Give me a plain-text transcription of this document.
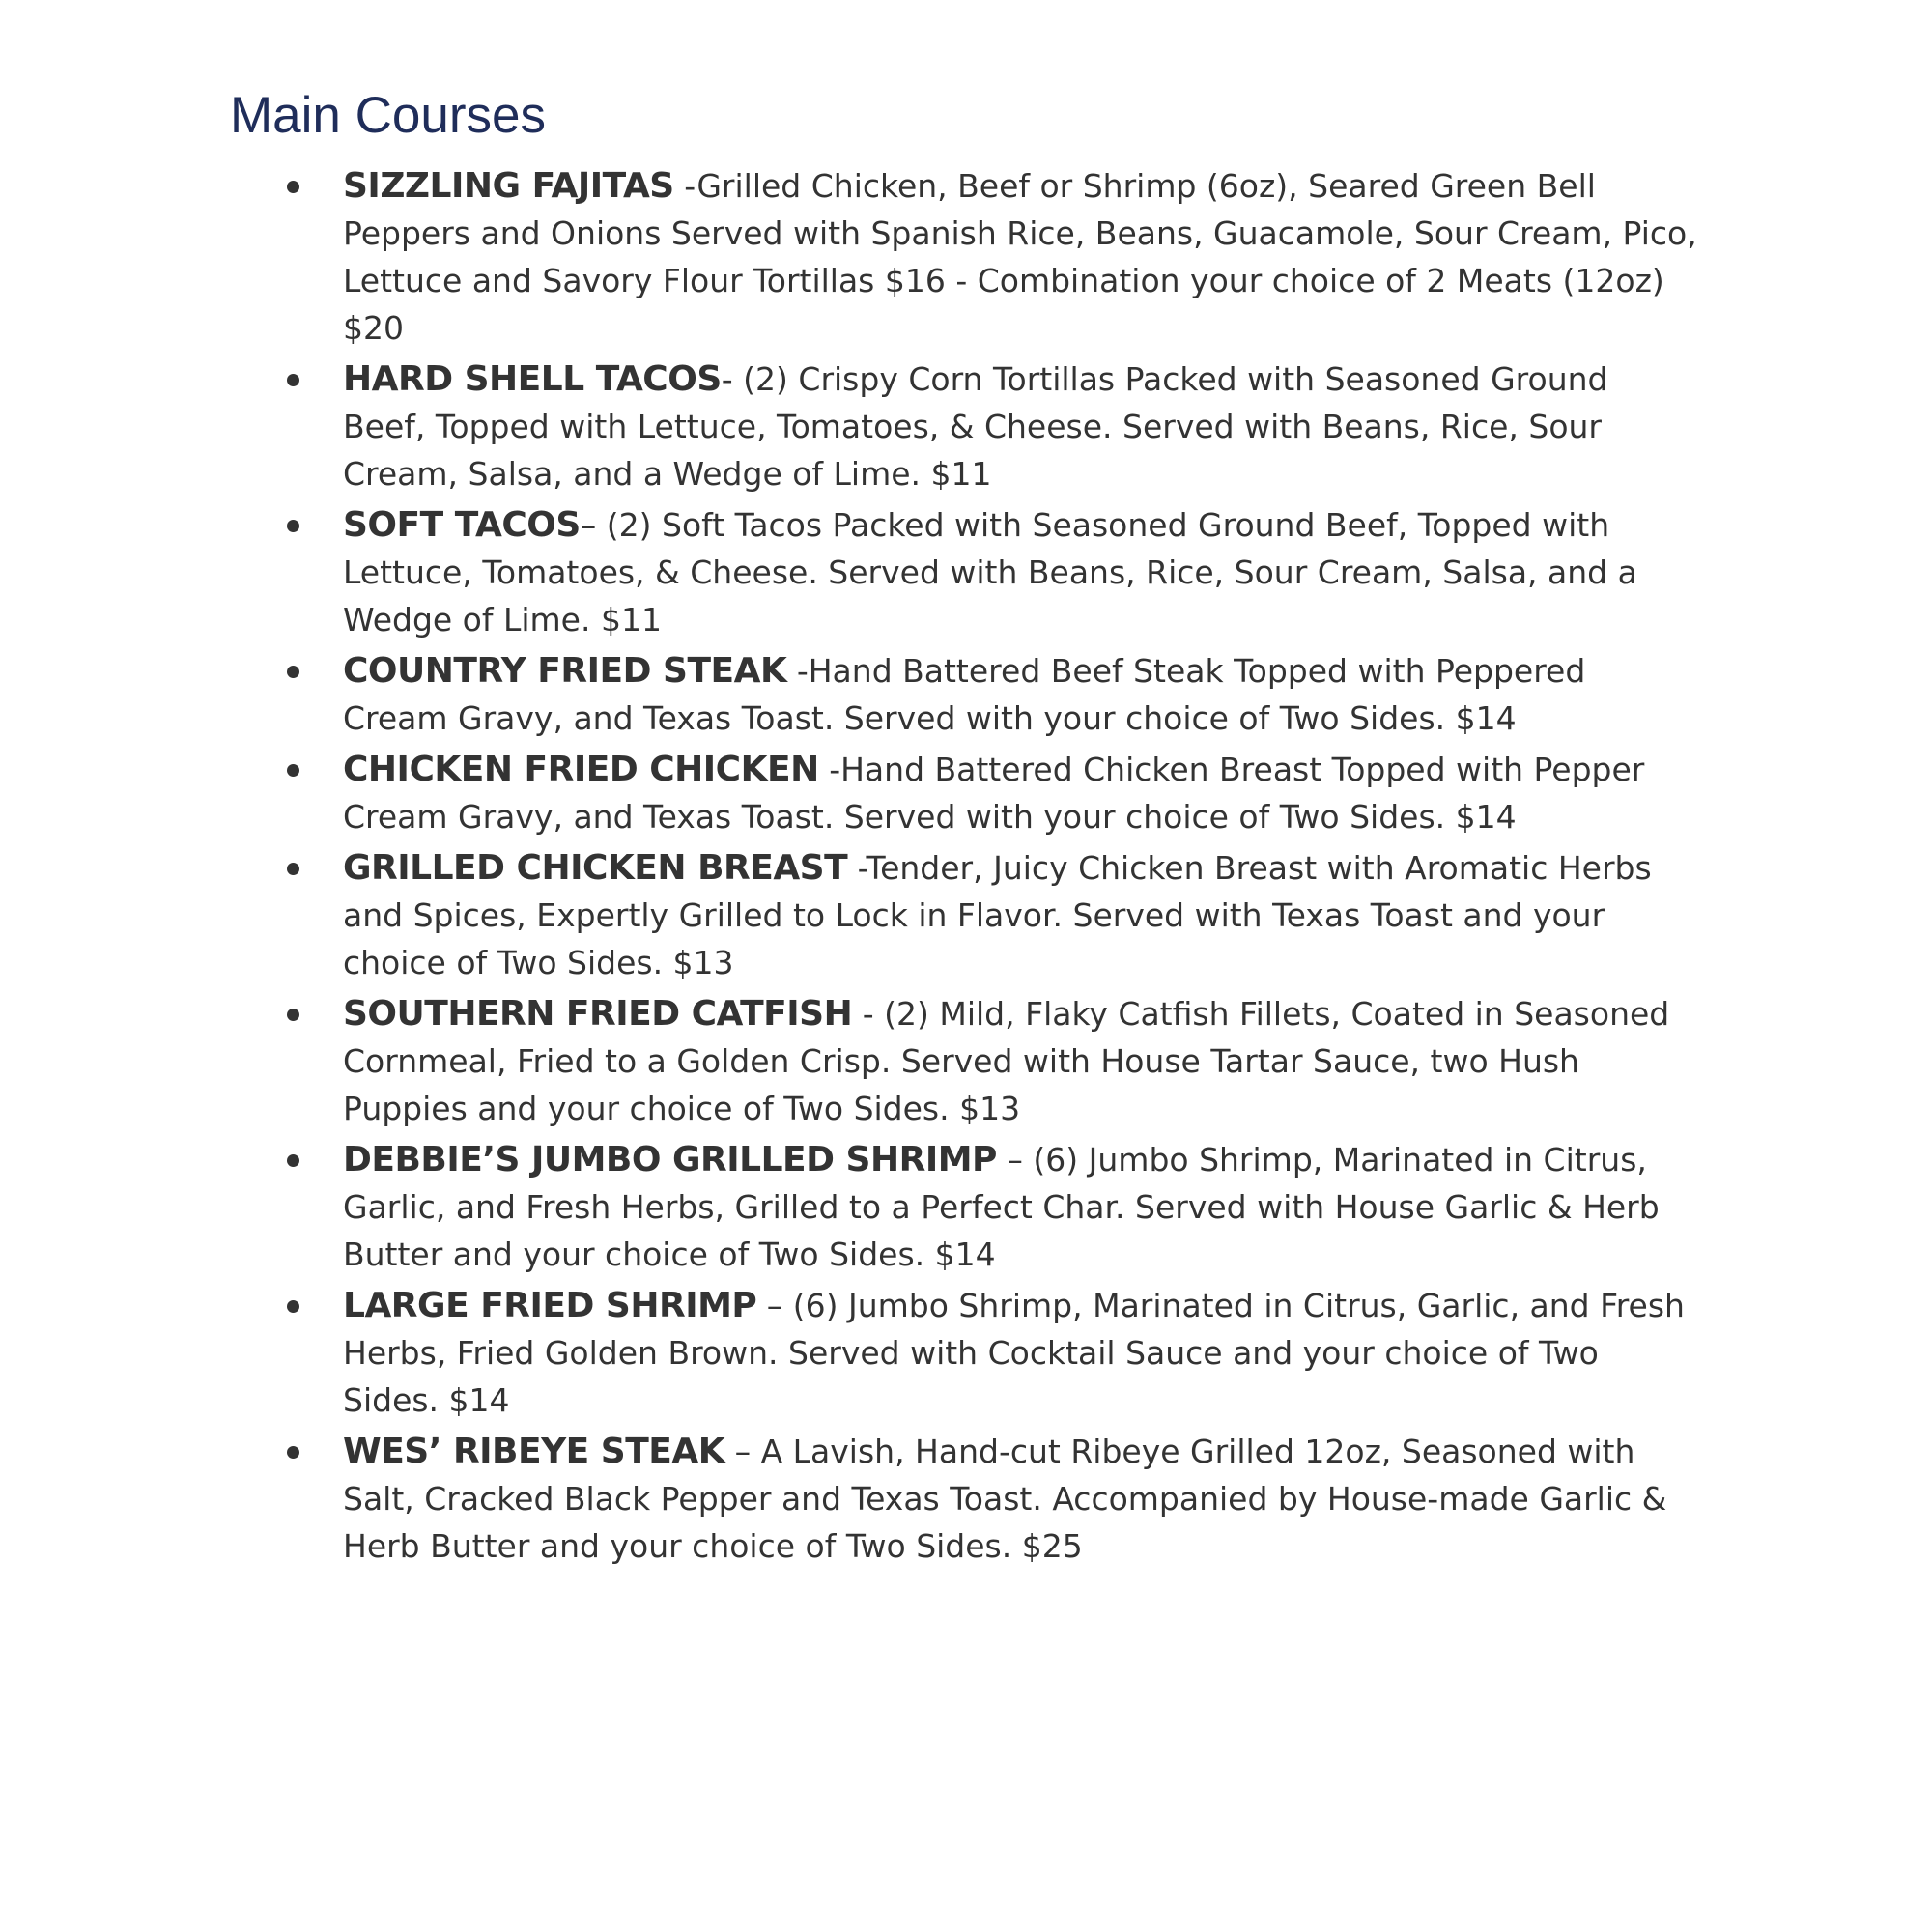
Main Courses
SIZZLING FAJITAS -Grilled Chicken, Beef or Shrimp (6oz), Seared Green Bell Peppers and Onions Served with Spanish Rice, Beans, Guacamole, Sour Cream, Pico, Lettuce and Savory Flour Tortillas $16 - Combination your choice of 2 Meats (12oz) $20
HARD SHELL TACOS- (2) Crispy Corn Tortillas Packed with Seasoned Ground Beef, Topped with Lettuce, Tomatoes, & Cheese. Served with Beans, Rice, Sour Cream, Salsa, and a Wedge of Lime. $11
SOFT TACOS– (2) Soft Tacos Packed with Seasoned Ground Beef, Topped with Lettuce, Tomatoes, & Cheese. Served with Beans, Rice, Sour Cream, Salsa, and a Wedge of Lime. $11
COUNTRY FRIED STEAK -Hand Battered Beef Steak Topped with Peppered Cream Gravy, and Texas Toast. Served with your choice of Two Sides. $14
CHICKEN FRIED CHICKEN -Hand Battered Chicken Breast Topped with Pepper Cream Gravy, and Texas Toast. Served with your choice of Two Sides. $14
GRILLED CHICKEN BREAST -Tender, Juicy Chicken Breast with Aromatic Herbs and Spices, Expertly Grilled to Lock in Flavor. Served with Texas Toast and your choice of Two Sides. $13
SOUTHERN FRIED CATFISH - (2) Mild, Flaky Catfish Fillets, Coated in Seasoned Cornmeal, Fried to a Golden Crisp. Served with House Tartar Sauce, two Hush Puppies and your choice of Two Sides. $13
DEBBIE’S JUMBO GRILLED SHRIMP – (6) Jumbo Shrimp, Marinated in Citrus, Garlic, and Fresh Herbs, Grilled to a Perfect Char. Served with House Garlic & Herb Butter and your choice of Two Sides. $14
LARGE FRIED SHRIMP – (6) Jumbo Shrimp, Marinated in Citrus, Garlic, and Fresh Herbs, Fried Golden Brown. Served with Cocktail Sauce and your choice of Two Sides. $14
WES’ RIBEYE STEAK – A Lavish, Hand-cut Ribeye Grilled 12oz, Seasoned with Salt, Cracked Black Pepper and Texas Toast. Accompanied by House-made Garlic & Herb Butter and your choice of Two Sides. $25
